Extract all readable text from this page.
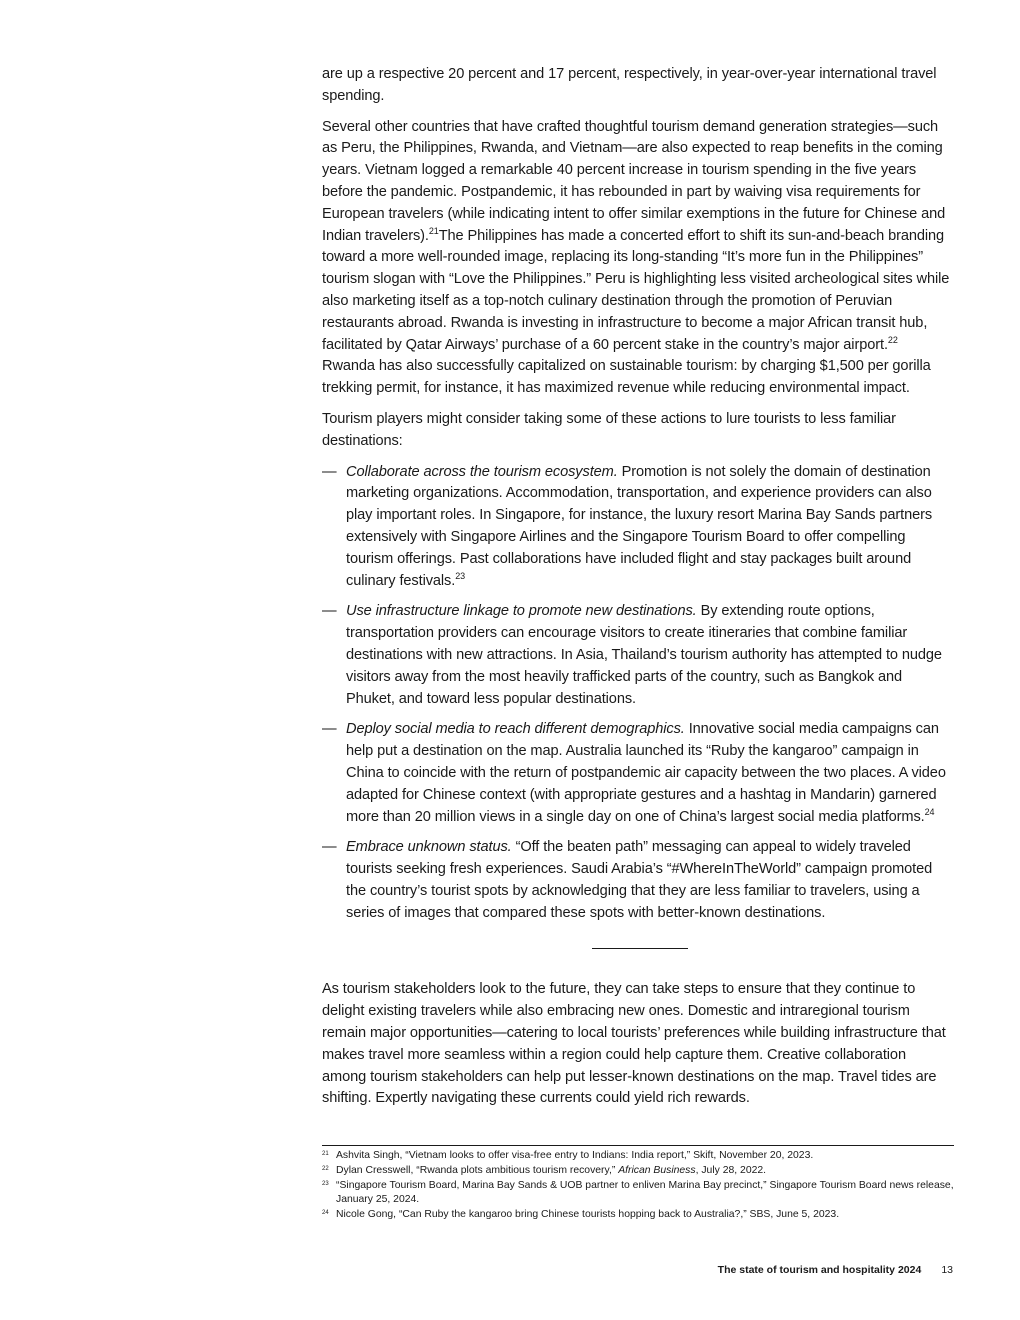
are up a respective 20 percent and 17 percent, respectively, in year-over-year international travel spending.

Several other countries that have crafted thoughtful tourism demand generation strategies—such as Peru, the Philippines, Rwanda, and Vietnam—are also expected to reap benefits in the coming years. Vietnam logged a remarkable 40 percent increase in tourism spending in the five years before the pandemic. Postpandemic, it has rebounded in part by waiving visa requirements for European travelers (while indicating intent to offer similar exemptions in the future for Chinese and Indian travelers).$^{21}$The Philippines has made a concerted effort to shift its sun-and-beach branding toward a more well-rounded image, replacing its long-standing “It’s more fun in the Philippines” tourism slogan with “Love the Philippines.” Peru is highlighting less visited archeological sites while also marketing itself as a top-notch culinary destination through the promotion of Peruvian restaurants abroad. Rwanda is investing in infrastructure to become a major African transit hub, facilitated by Qatar Airways’ purchase of a 60 percent stake in the country’s major airport.$^{22}$ Rwanda has also successfully capitalized on sustainable tourism: by charging $1,500 per gorilla trekking permit, for instance, it has maximized revenue while reducing environmental impact.

Tourism players might consider taking some of these actions to lure tourists to less familiar destinations:

— Collaborate across the tourism ecosystem. Promotion is not solely the domain of destination marketing organizations. Accommodation, transportation, and experience providers can also play important roles. In Singapore, for instance, the luxury resort Marina Bay Sands partners extensively with Singapore Airlines and the Singapore Tourism Board to offer compelling tourism offerings. Past collaborations have included flight and stay packages built around culinary festivals.$^{23}$
— Use infrastructure linkage to promote new destinations. By extending route options, transportation providers can encourage visitors to create itineraries that combine familiar destinations with new attractions. In Asia, Thailand’s tourism authority has attempted to nudge visitors away from the most heavily trafficked parts of the country, such as Bangkok and Phuket, and toward less popular destinations.
— Deploy social media to reach different demographics. Innovative social media campaigns can help put a destination on the map. Australia launched its “Ruby the kangaroo” campaign in China to coincide with the return of postpandemic air capacity between the two places. A video adapted for Chinese context (with appropriate gestures and a hashtag in Mandarin) garnered more than 20 million views in a single day on one of China’s largest social media platforms.$^{24}$
— Embrace unknown status. “Off the beaten path” messaging can appeal to widely traveled tourists seeking fresh experiences. Saudi Arabia’s “#WhereInTheWorld” campaign promoted the country’s tourist spots by acknowledging that they are less familiar to travelers, using a series of images that compared these spots with better-known destinations.

As tourism stakeholders look to the future, they can take steps to ensure that they continue to delight existing travelers while also embracing new ones. Domestic and intraregional tourism remain major opportunities—catering to local tourists’ preferences while building infrastructure that makes travel more seamless within a region could help capture them. Creative collaboration among tourism stakeholders can help put lesser-known destinations on the map. Travel tides are shifting. Expertly navigating these currents could yield rich rewards.

21 Ashvita Singh, “Vietnam looks to offer visa-free entry to Indians: India report,” Skift, November 20, 2023.
22 Dylan Cresswell, “Rwanda plots ambitious tourism recovery,” African Business, July 28, 2022.
23 “Singapore Tourism Board, Marina Bay Sands & UOB partner to enliven Marina Bay precinct,” Singapore Tourism Board news release, January 25, 2024.
24 Nicole Gong, “Can Ruby the kangaroo bring Chinese tourists hopping back to Australia?,” SBS, June 5, 2023.
The state of tourism and hospitality 2024 13
